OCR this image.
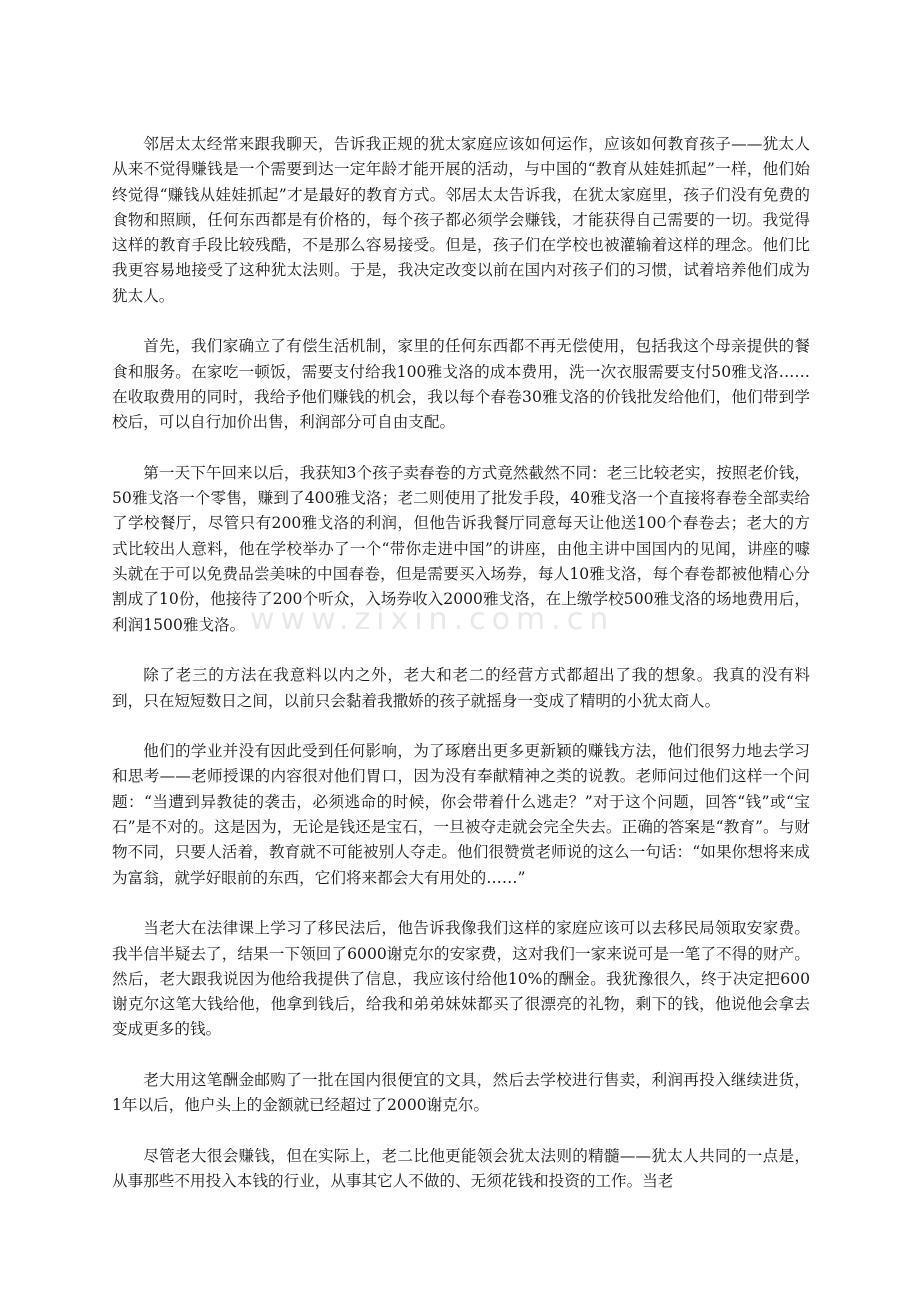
www.zixin.com.cn

邻居太太经常来跟我聊天，告诉我正规的犹太家庭应该如何运作，应该如何教育孩子——犹太人从来不觉得赚钱是一个需要到达一定年龄才能开展的活动，与中国的“教育从娃娃抓起”一样，他们始终觉得“赚钱从娃娃抓起”才是最好的教育方式。邻居太太告诉我，在犹太家庭里，孩子们没有免费的食物和照顾，任何东西都是有价格的，每个孩子都必须学会赚钱，才能获得自己需要的一切。我觉得这样的教育手段比较残酷，不是那么容易接受。但是，孩子们在学校也被灌输着这样的理念。他们比我更容易地接受了这种犹太法则。于是，我决定改变以前在国内对孩子们的习惯，试着培养他们成为犹太人。

首先，我们家确立了有偿生活机制，家里的任何东西都不再无偿使用，包括我这个母亲提供的餐食和服务。在家吃一顿饭，需要支付给我100雅戈洛的成本费用，洗一次衣服需要支付50雅戈洛……在收取费用的同时，我给予他们赚钱的机会，我以每个春卷30雅戈洛的价钱批发给他们，他们带到学校后，可以自行加价出售，利润部分可自由支配。

第一天下午回来以后，我获知3个孩子卖春卷的方式竟然截然不同：老三比较老实，按照老价钱，50雅戈洛一个零售，赚到了400雅戈洛；老二则使用了批发手段，40雅戈洛一个直接将春卷全部卖给了学校餐厅，尽管只有200雅戈洛的利润，但他告诉我餐厅同意每天让他送100个春卷去；老大的方式比较出人意料，他在学校举办了一个“带你走进中国”的讲座，由他主讲中国国内的见闻，讲座的噱头就在于可以免费品尝美味的中国春卷，但是需要买入场券，每人10雅戈洛，每个春卷都被他精心分割成了10份，他接待了200个听众，入场券收入2000雅戈洛，在上缴学校500雅戈洛的场地费用后，利润1500雅戈洛。

除了老三的方法在我意料以内之外，老大和老二的经营方式都超出了我的想象。我真的没有料到，只在短短数日之间，以前只会黏着我撒娇的孩子就摇身一变成了精明的小犹太商人。

他们的学业并没有因此受到任何影响，为了琢磨出更多更新颖的赚钱方法，他们很努力地去学习和思考——老师授课的内容很对他们胃口，因为没有奉献精神之类的说教。老师问过他们这样一个问题：“当遭到异教徒的袭击，必须逃命的时候，你会带着什么逃走？”对于这个问题，回答“钱”或“宝石”是不对的。这是因为，无论是钱还是宝石，一旦被夺走就会完全失去。正确的答案是“教育”。与财物不同，只要人活着，教育就不可能被别人夺走。他们很赞赏老师说的这么一句话：“如果你想将来成为富翁，就学好眼前的东西，它们将来都会大有用处的……”

当老大在法律课上学习了移民法后，他告诉我像我们这样的家庭应该可以去移民局领取安家费。我半信半疑去了，结果一下领回了6000谢克尔的安家费，这对我们一家来说可是一笔了不得的财产。然后，老大跟我说因为他给我提供了信息，我应该付给他10%的酬金。我犹豫很久，终于决定把600谢克尔这笔大钱给他，他拿到钱后，给我和弟弟妹妹都买了很漂亮的礼物，剩下的钱，他说他会拿去变成更多的钱。

老大用这笔酬金邮购了一批在国内很便宜的文具，然后去学校进行售卖，利润再投入继续进货， 1年以后，他户头上的金额就已经超过了2000谢克尔。

尽管老大很会赚钱，但在实际上，老二比他更能领会犹太法则的精髓——犹太人共同的一点是，从事那些不用投入本钱的行业，从事其它人不做的、无须花钱和投资的工作。当老
